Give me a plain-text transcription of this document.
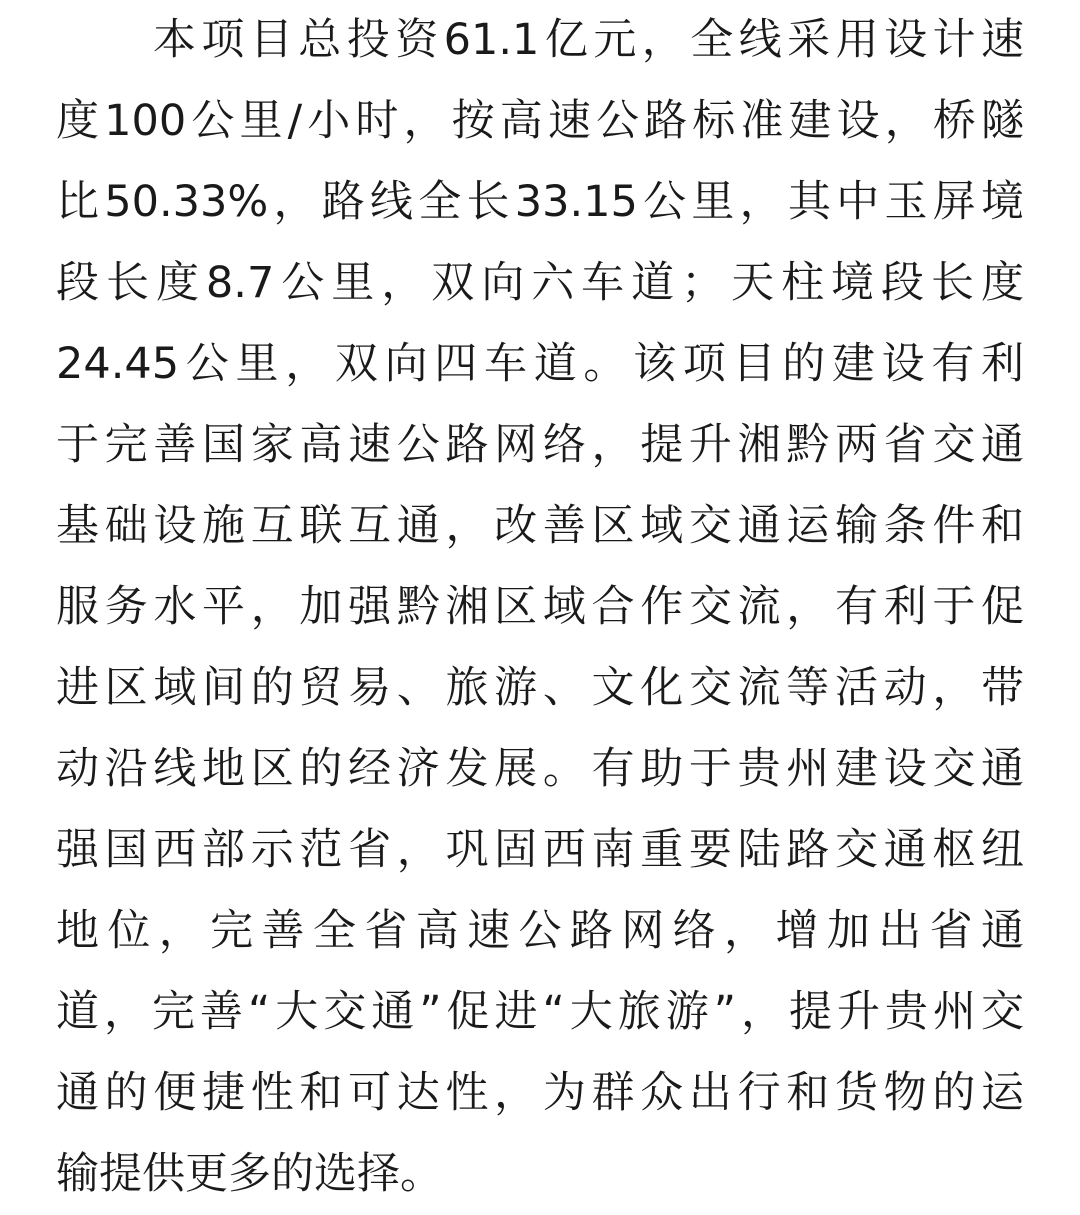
　　本项目总投资61.1亿元，全线采用设计速
度100公里/小时，按高速公路标准建设，桥隧
比50.33%，路线全长33.15公里，其中玉屏境
段长度8.7公里，双向六车道；天柱境段长度
24.45公里，双向四车道。该项目的建设有利
于完善国家高速公路网络，提升湘黔两省交通
基础设施互联互通，改善区域交通运输条件和
服务水平，加强黔湘区域合作交流，有利于促
进区域间的贸易、旅游、文化交流等活动，带
动沿线地区的经济发展。有助于贵州建设交通
强国西部示范省，巩固西南重要陆路交通枢纽
地位，完善全省高速公路网络，增加出省通
道，完善“大交通”促进“大旅游”，提升贵州交
通的便捷性和可达性，为群众出行和货物的运
输提供更多的选择。
